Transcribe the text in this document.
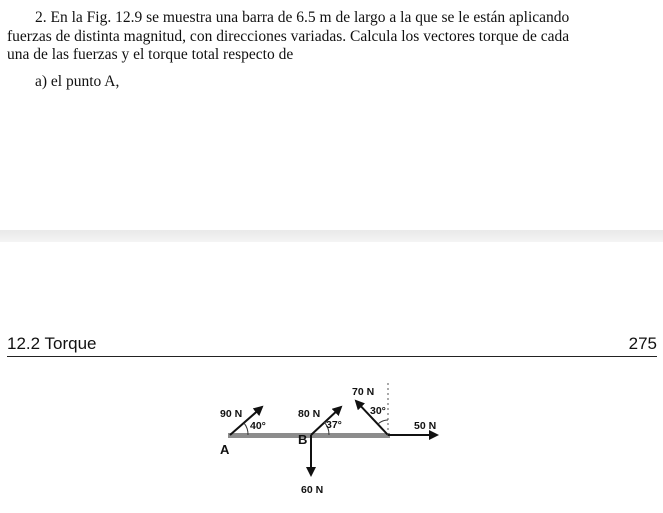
2. En la Fig. 12.9 se muestra una barra de 6.5 m de largo a la que se le están aplicando
fuerzas de distinta magnitud, con direcciones variadas. Calcula los vectores torque de cada
una de las fuerzas y el torque total respecto de
a) el punto A,
12.2 Torque	275
A
B
90 N
40°
80 N
37°
70 N
30°
50 N
60 N
